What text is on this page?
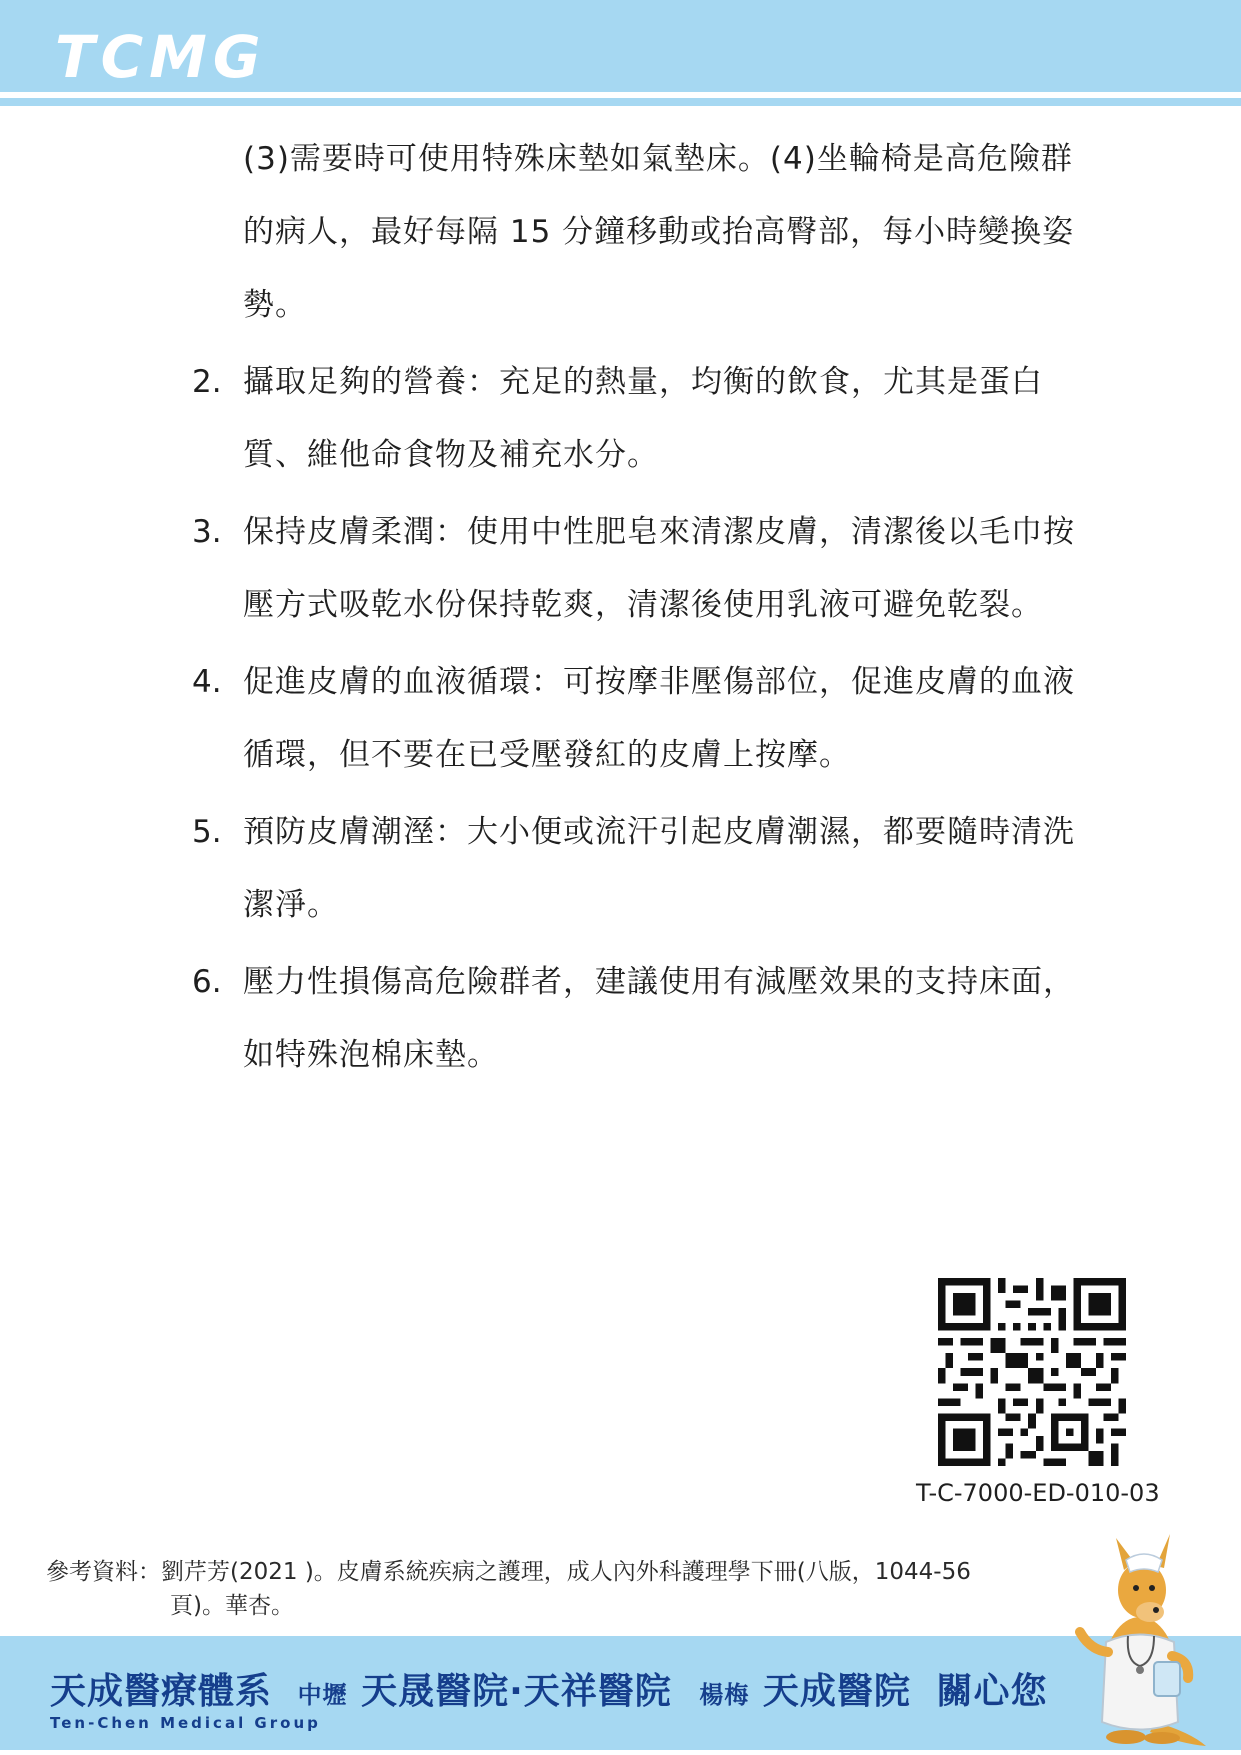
TCMG
(3)需要時可使用特殊床墊如氣墊床。(4)坐輪椅是高危險群
的病人，最好每隔 15 分鐘移動或抬高臀部，每小時變換姿
勢。
2. 攝取足夠的營養：充足的熱量，均衡的飲食，尤其是蛋白
質、維他命食物及補充水分。
3. 保持皮膚柔潤：使用中性肥皂來清潔皮膚，清潔後以毛巾按
壓方式吸乾水份保持乾爽，清潔後使用乳液可避免乾裂。
4. 促進皮膚的血液循環：可按摩非壓傷部位，促進皮膚的血液
循環，但不要在已受壓發紅的皮膚上按摩。
5. 預防皮膚潮溼：大小便或流汗引起皮膚潮濕，都要隨時清洗
潔淨。
6. 壓力性損傷高危險群者，建議使用有減壓效果的支持床面，
如特殊泡棉床墊。
T-C-7000-ED-010-03
參考資料：劉芹芳(2021 )。皮膚系統疾病之護理，成人內外科護理學下冊(八版，1044-56
頁)。華杏。
天成醫療體系 中壢 天晟醫院·天祥醫院 楊梅 天成醫院 關心您
Ten-Chen Medical Group
